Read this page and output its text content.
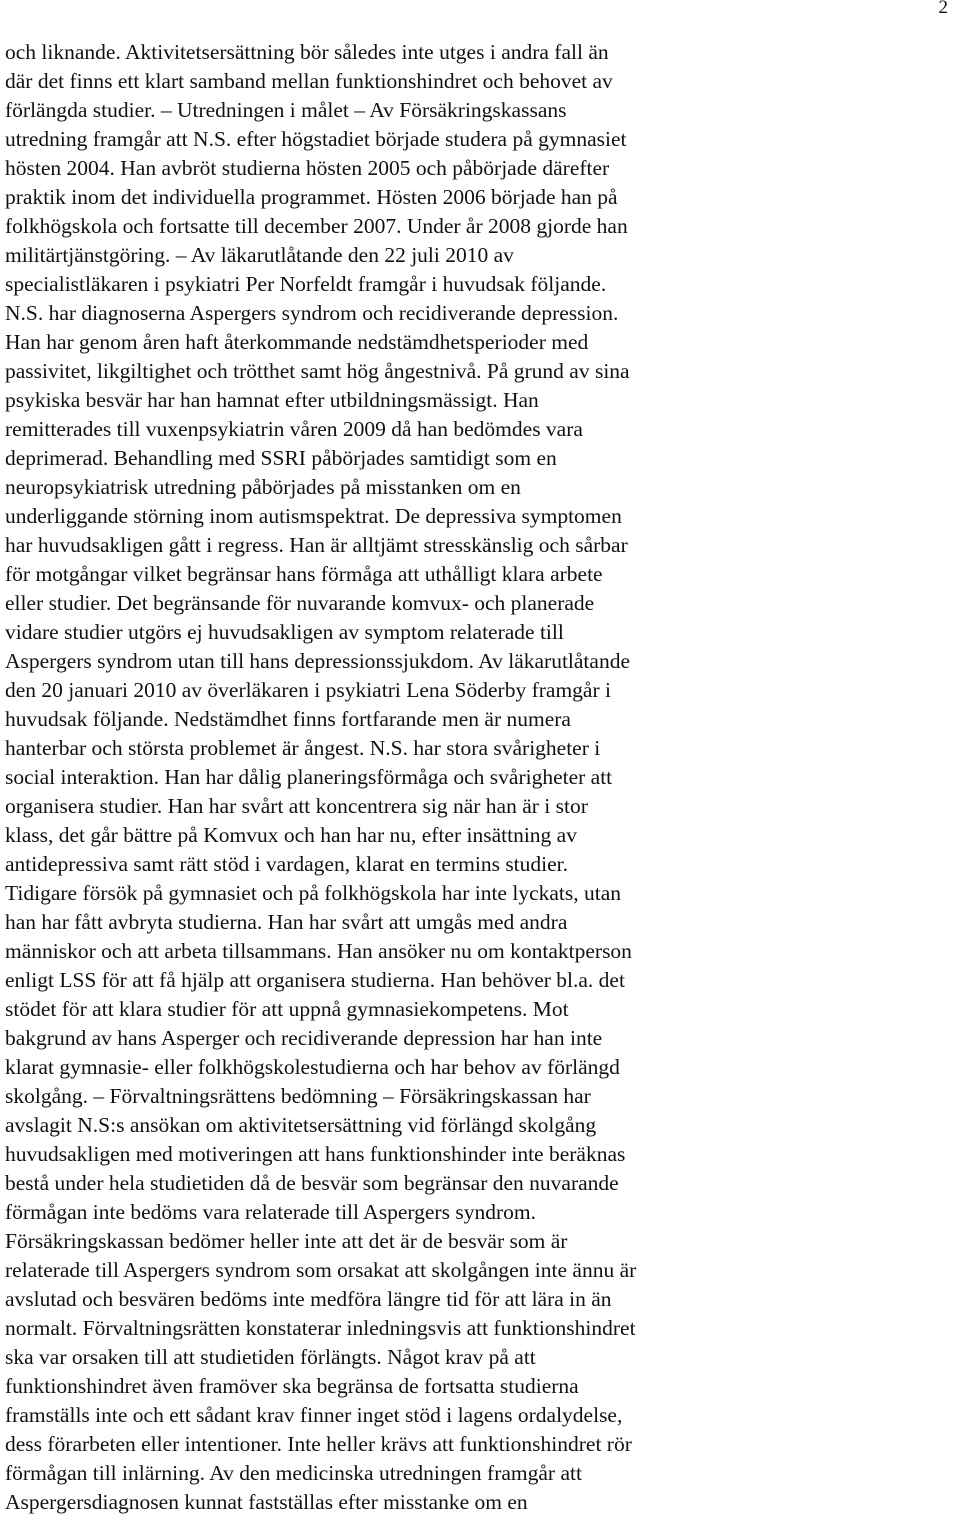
2
och liknande. Aktivitetsersättning bör således inte utges i andra fall än
där det finns ett klart samband mellan funktionshindret och behovet av
förlängda studier. – Utredningen i målet – Av Försäkringskassans
utredning framgår att N.S. efter högstadiet började studera på gymnasiet
hösten 2004. Han avbröt studierna hösten 2005 och påbörjade därefter
praktik inom det individuella programmet. Hösten 2006 började han på
folkhögskola och fortsatte till december 2007. Under år 2008 gjorde han
militärtjänstgöring. – Av läkarutlåtande den 22 juli 2010 av
specialistläkaren i psykiatri Per Norfeldt framgår i huvudsak följande.
N.S. har diagnoserna Aspergers syndrom och recidiverande depression.
Han har genom åren haft återkommande nedstämdhetsperioder med
passivitet, likgiltighet och trötthet samt hög ångestnivå. På grund av sina
psykiska besvär har han hamnat efter utbildningsmässigt. Han
remitterades till vuxenpsykiatrin våren 2009 då han bedömdes vara
deprimerad. Behandling med SSRI påbörjades samtidigt som en
neuropsykiatrisk utredning påbörjades på misstanken om en
underliggande störning inom autismspektrat. De depressiva symptomen
har huvudsakligen gått i regress. Han är alltjämt stresskänslig och sårbar
för motgångar vilket begränsar hans förmåga att uthålligt klara arbete
eller studier. Det begränsande för nuvarande komvux- och planerade
vidare studier utgörs ej huvudsakligen av symptom relaterade till
Aspergers syndrom utan till hans depressionssjukdom. Av läkarutlåtande
den 20 januari 2010 av överläkaren i psykiatri Lena Söderby framgår i
huvudsak följande. Nedstämdhet finns fortfarande men är numera
hanterbar och största problemet är ångest. N.S. har stora svårigheter i
social interaktion. Han har dålig planeringsförmåga och svårigheter att
organisera studier. Han har svårt att koncentrera sig när han är i stor
klass, det går bättre på Komvux och han har nu, efter insättning av
antidepressiva samt rätt stöd i vardagen, klarat en termins studier.
Tidigare försök på gymnasiet och på folkhögskola har inte lyckats, utan
han har fått avbryta studierna. Han har svårt att umgås med andra
människor och att arbeta tillsammans. Han ansöker nu om kontaktperson
enligt LSS för att få hjälp att organisera studierna. Han behöver bl.a. det
stödet för att klara studier för att uppnå gymnasiekompetens. Mot
bakgrund av hans Asperger och recidiverande depression har han inte
klarat gymnasie- eller folkhögskolestudierna och har behov av förlängd
skolgång. – Förvaltningsrättens bedömning – Försäkringskassan har
avslagit N.S:s ansökan om aktivitetsersättning vid förlängd skolgång
huvudsakligen med motiveringen att hans funktionshinder inte beräknas
bestå under hela studietiden då de besvär som begränsar den nuvarande
förmågan inte bedöms vara relaterade till Aspergers syndrom.
Försäkringskassan bedömer heller inte att det är de besvär som är
relaterade till Aspergers syndrom som orsakat att skolgången inte ännu är
avslutad och besvären bedöms inte medföra längre tid för att lära in än
normalt. Förvaltningsrätten konstaterar inledningsvis att funktionshindret
ska var orsaken till att studietiden förlängts. Något krav på att
funktionshindret även framöver ska begränsa de fortsatta studierna
framställs inte och ett sådant krav finner inget stöd i lagens ordalydelse,
dess förarbeten eller intentioner. Inte heller krävs att funktionshindret rör
förmågan till inlärning. Av den medicinska utredningen framgår att
Aspergersdiagnosen kunnat fastställas efter misstanke om en
